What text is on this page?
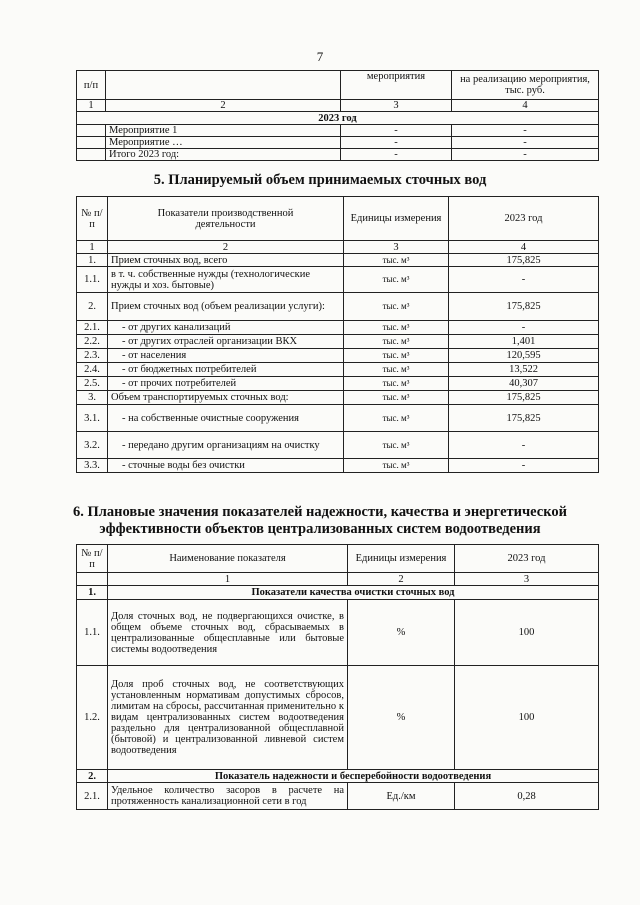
7
п/п		мероприятия	на реализацию мероприятия, тыс. руб.
1	2	3	4
2023 год			
	Мероприятие 1	-	-
	Мероприятие …	-	-
	Итого 2023 год:	-	-
5. Планируемый объем принимаемых сточных вод
№ п/п	Показатели производственной деятельности	Единицы измерения	2023 год
1	2	3	4
1.	Прием сточных вод, всего	тыс. м³	175,825
1.1.	в т. ч. собственные нужды (технологические нужды и хоз. бытовые)	тыс. м³	-
2.	Прием сточных вод (объем реализации услуги):	тыс. м³	175,825
2.1.	- от других канализаций	тыс. м³	-
2.2.	- от других отраслей организации ВКХ	тыс. м³	1,401
2.3.	- от населения	тыс. м³	120,595
2.4.	- от бюджетных потребителей	тыс. м³	13,522
2.5.	- от прочих потребителей	тыс. м³	40,307
3.	Объем транспортируемых сточных вод:	тыс. м³	175,825
3.1.	- на собственные очистные сооружения	тыс. м³	175,825
3.2.	- передано другим организациям на очистку	тыс. м³	-
3.3.	- сточные воды без очистки	тыс. м³	-
6. Плановые значения показателей надежности, качества и энергетической
эффективности объектов централизованных систем водоотведения
№ п/п	Наименование показателя	Единицы измерения	2023 год
	1	2	3
1.	Показатели качества очистки сточных вод		
1.1.	Доля сточных вод, не подвергающихся очистке, в общем объеме сточных вод, сбрасываемых в централизованные общесплавные или бытовые системы водоотведения	%	100
1.2.	Доля проб сточных вод, не соответствующих установленным нормативам допустимых сбросов, лимитам на сбросы, рассчитанная применительно к видам централизованных систем водоотведения раздельно для централизованной общесплавной (бытовой) и централизованной ливневой систем водоотведения	%	100
2.	Показатель надежности и бесперебойности водоотведения		
2.1.	Удельное количество засоров в расчете на протяженность канализационной сети в год	Ед./км	0,28
